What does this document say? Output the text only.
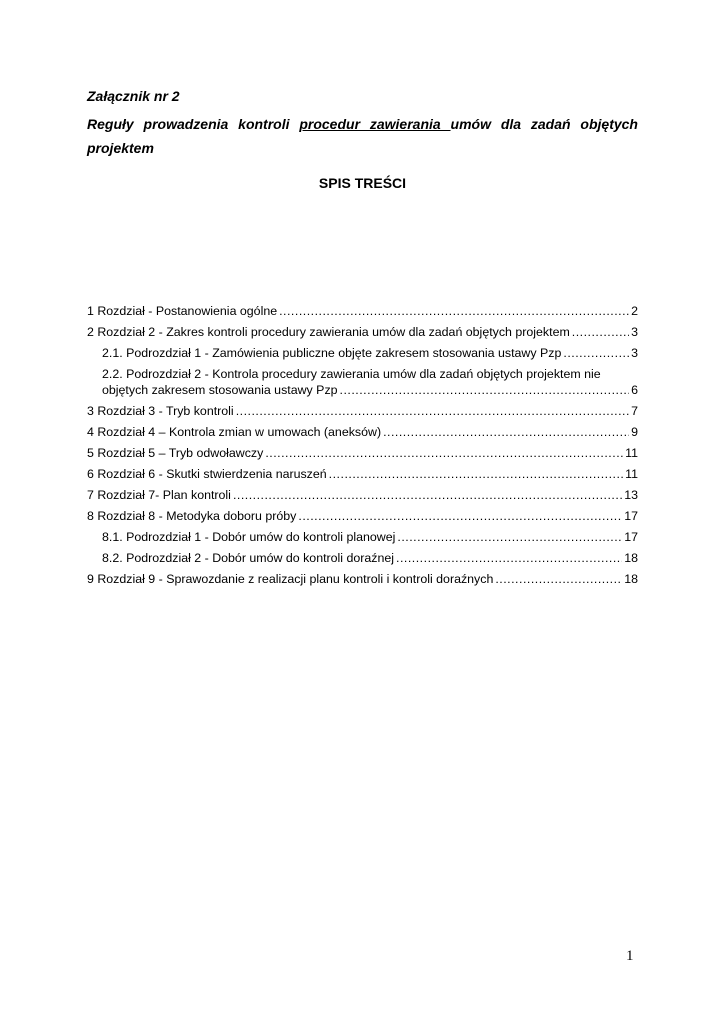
Załącznik nr 2
Reguły prowadzenia kontroli procedur zawierania umów dla zadań objętych projektem
SPIS TREŚCI
1 Rozdział - Postanowienia ogólne .....	2
2 Rozdział 2 - Zakres kontroli procedury zawierania umów dla zadań objętych projektem .....	3
2.1. Podrozdział 1 - Zamówienia publiczne objęte zakresem stosowania ustawy Pzp .....	3
2.2. Podrozdział 2 - Kontrola procedury zawierania umów dla zadań objętych projektem nie
objętych zakresem stosowania ustawy Pzp .....	6
3 Rozdział 3 - Tryb kontroli .....	7
4 Rozdział 4 – Kontrola zmian w umowach (aneksów) .....	9
5 Rozdział 5 – Tryb odwoławczy .....	11
6 Rozdział 6 - Skutki stwierdzenia naruszeń .....	11
7 Rozdział 7- Plan kontroli .....	13
8 Rozdział 8 - Metodyka doboru próby .....	17
8.1. Podrozdział 1 - Dobór umów do kontroli planowej .....	17
8.2. Podrozdział 2 - Dobór umów do kontroli doraźnej .....	18
9 Rozdział 9 - Sprawozdanie z realizacji planu kontroli i kontroli doraźnych .....	18
1
